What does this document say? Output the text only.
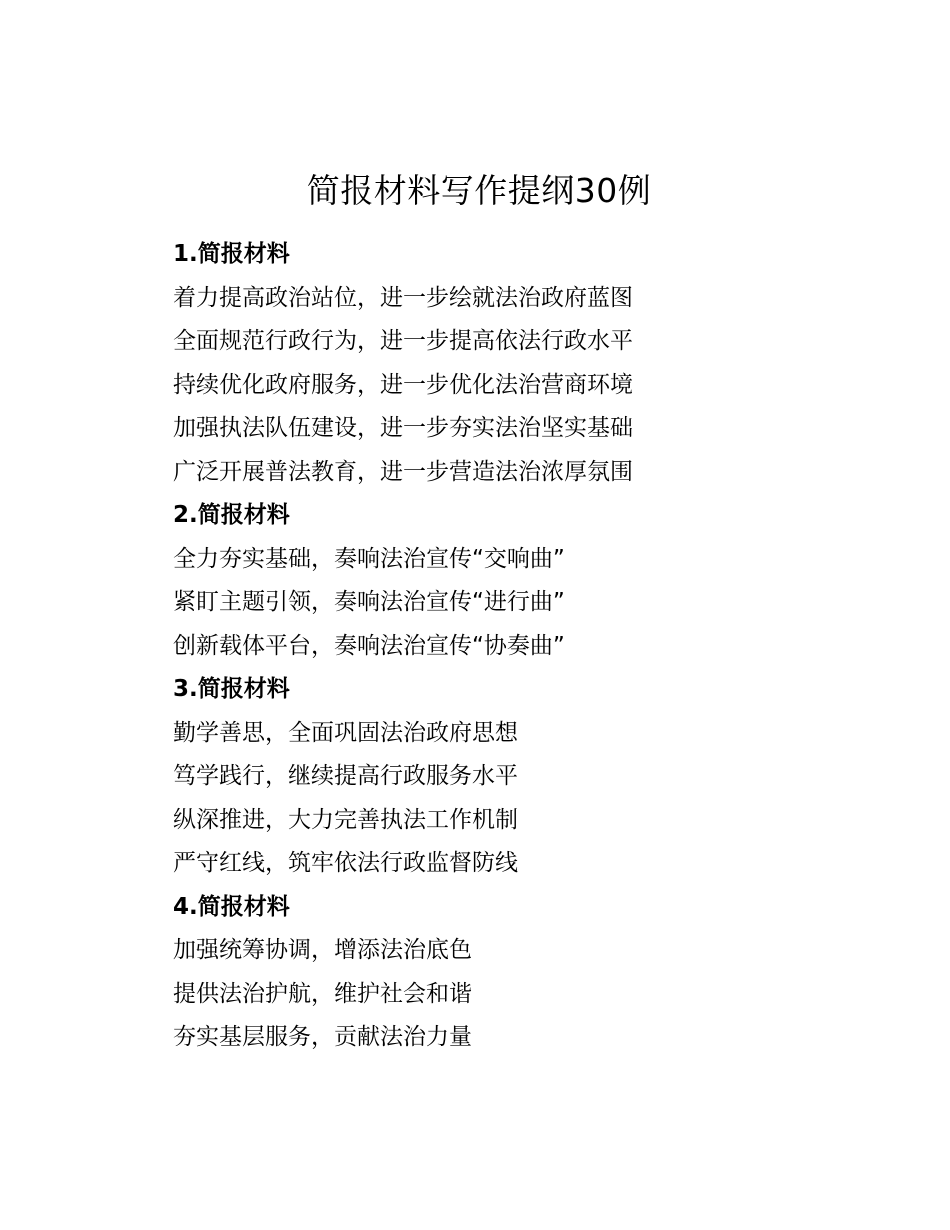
简报材料写作提纲30例
1.简报材料
着力提高政治站位，进一步绘就法治政府蓝图
全面规范行政行为，进一步提高依法行政水平
持续优化政府服务，进一步优化法治营商环境
加强执法队伍建设，进一步夯实法治坚实基础
广泛开展普法教育，进一步营造法治浓厚氛围
2.简报材料
全力夯实基础，奏响法治宣传“交响曲”
紧盯主题引领，奏响法治宣传“进行曲”
创新载体平台，奏响法治宣传“协奏曲”
3.简报材料
勤学善思，全面巩固法治政府思想
笃学践行，继续提高行政服务水平
纵深推进，大力完善执法工作机制
严守红线，筑牢依法行政监督防线
4.简报材料
加强统筹协调，增添法治底色
提供法治护航，维护社会和谐
夯实基层服务，贡献法治力量
